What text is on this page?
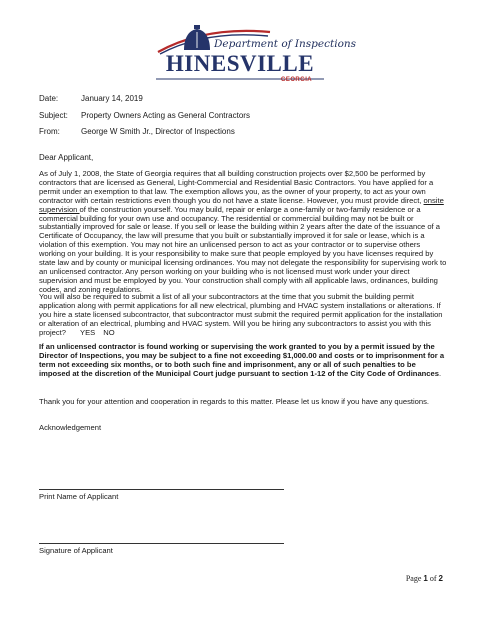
Department of Inspections
HINESVILLE
GEORGIA
Date:	January 14, 2019
Subject: Property Owners Acting as General Contractors
From:	George W Smith Jr., Director of Inspections
Dear Applicant,

As of July 1, 2008, the State of Georgia requires that all building construction projects over $2,500 be performed by contractors that are licensed as General, Light-Commercial and Residential Basic Contractors. You have applied for a permit under an exemption to that law. The exemption allows you, as the owner of your property, to act as your own contractor with certain restrictions even though you do not have a state license. However, you must provide direct, onsite supervision of the construction yourself. You may build, repair or enlarge a one-family or two-family residence or a commercial building for your own use and occupancy. The residential or commercial building may not be built or substantially improved for sale or lease. If you sell or lease the building within 2 years after the date of the issuance of a Certificate of Occupancy, the law will presume that you built or substantially improved it for sale or lease, which is a violation of this exemption. You may not hire an unlicensed person to act as your contractor or to supervise others working on your building. It is your responsibility to make sure that people employed by you have licenses required by state law and by county or municipal licensing ordinances. You may not delegate the responsibility for supervising work to an unlicensed contractor. Any person working on your building who is not licensed must work under your direct supervision and must be employed by you. Your construction shall comply with all applicable laws, ordinances, building codes, and zoning regulations.

You will also be required to submit a list of all your subcontractors at the time that you submit the building permit application along with permit applications for all new electrical, plumbing and HVAC system installations or alterations. If you hire a state licensed subcontractor, that subcontractor must submit the required permit application for the installation or alteration of an electrical, plumbing and HVAC system. Will you be hiring any subcontractors to assist you with this project? YES NO

If an unlicensed contractor is found working or supervising the work granted to you by a permit issued by the Director of Inspections, you may be subject to a fine not exceeding $1,000.00 and costs or to imprisonment for a term not exceeding six months, or to both such fine and imprisonment, any or all of such penalties to be imposed at the discretion of the Municipal Court judge pursuant to section 1-12 of the City Code of Ordinances.

Thank you for your attention and cooperation in regards to this matter. Please let us know if you have any questions.

Acknowledgement
Print Name of Applicant
Signature of Applicant
Page 1 of 2
